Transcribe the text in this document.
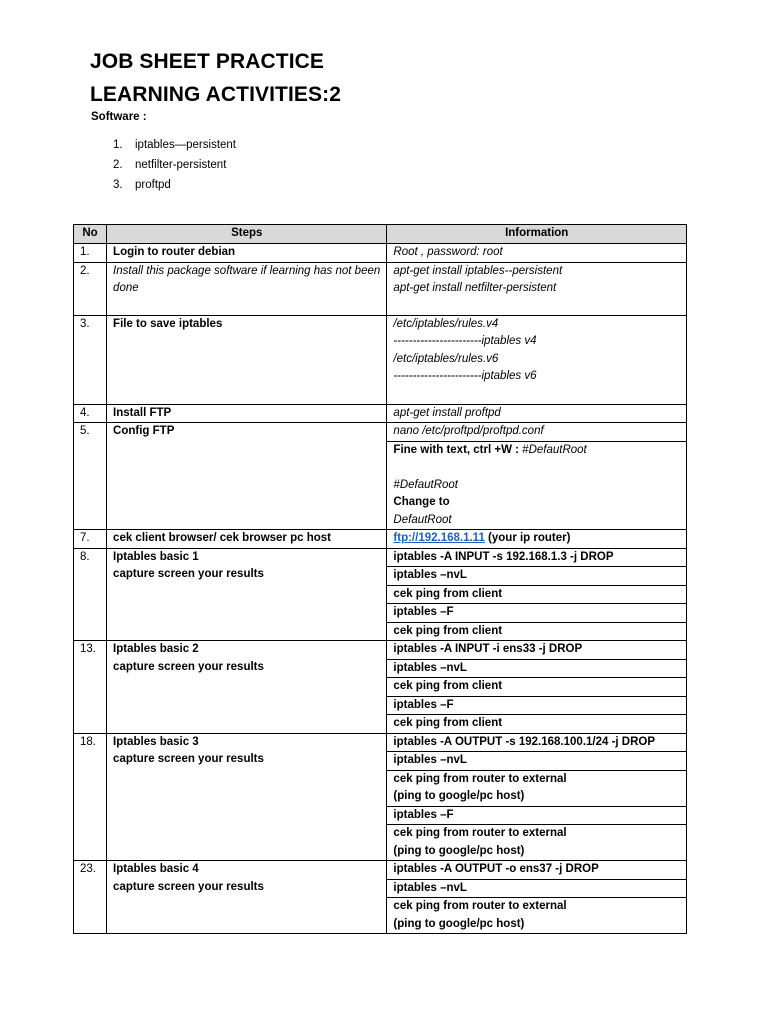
JOB SHEET PRACTICE
LEARNING ACTIVITIES:2
Software :
1. iptables—persistent
2. netfilter-persistent
3. proftpd
No	Steps	Information
1.	Login to router debian	Root , password: root
2.	Install this package software if learning has not been done	apt-get install iptables--persistent
apt-get install netfilter-persistent

3.	File to save iptables	/etc/iptables/rules.v4
-----------------------iptables v4
/etc/iptables/rules.v6
-----------------------iptables v6

4.	Install FTP	apt-get install proftpd
5.	Config FTP	nano /etc/proftpd/proftpd.conf

		Fine with text, ctrl +W : #DefautRoot
#DefautRoot
Change to
DefautRoot

7.	cek client browser/ cek browser pc host	ftp://192.168.1.11 (your ip router)
8.	Iptables basic 1
capture screen your results	iptables -A INPUT -s 192.168.1.3 -j DROP
		iptables –nvL
		cek ping from client
		iptables –F
		cek ping from client
13.	Iptables basic 2
capture screen your results	iptables -A INPUT -i ens33 -j DROP
		iptables –nvL
		cek ping from client
		iptables –F
		cek ping from client
18.	Iptables basic 3
capture screen your results	iptables -A OUTPUT -s 192.168.100.1/24 -j DROP
		iptables –nvL

		cek ping from router to external
(ping to google/pc host)

		iptables –F

		cek ping from router to external
(ping to google/pc host)

23.	Iptables basic 4
capture screen your results	iptables -A OUTPUT -o ens37 -j DROP
		iptables –nvL

		cek ping from router to external
(ping to google/pc host)
